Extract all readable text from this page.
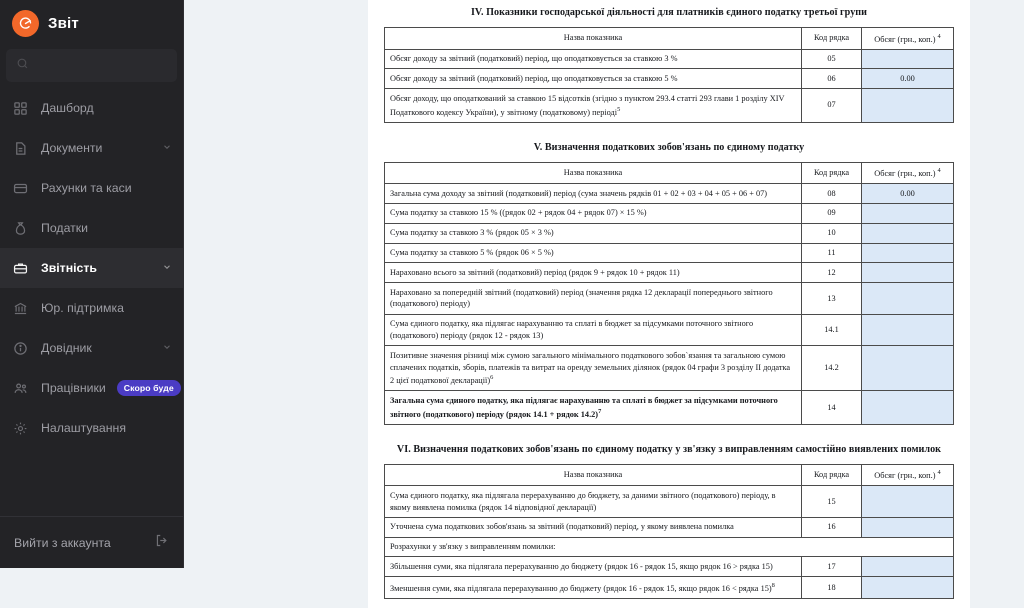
Звіт
Дашборд
Документи
Рахунки та каси
Податки
Звітність
Юр. підтримка
Довідник
Працівники	Скоро буде
Налаштування
Вийти з аккаунта
IV. Показники господарської діяльності для платників єдиного податку третьої групи
Назва показника	Код рядка	Обсяг (грн., коп.) $^4$
Обсяг доходу за звітний (податковий) період, що оподатковується за ставкою 3 %	05	
Обсяг доходу за звітний (податковий) період, що оподатковується за ставкою 5 %	06	0.00
Обсяг доходу, що оподаткований за ставкою 15 відсотків (згідно з пунктом 293.4 статті 293 глави 1 розділу XIV Податкового кодексу України), у звітному (податковому) періоді$^5$	07	
V. Визначення податкових зобов'язань по єдиному податку
Назва показника	Код рядка	Обсяг (грн., коп.) $^4$
Загальна сума доходу за звітний (податковий) період (сума значень рядків 01 + 02 + 03 + 04 + 05 + 06 + 07)	08	0.00
Сума податку за ставкою 15 % ((рядок 02 + рядок 04 + рядок 07) × 15 %)	09	
Сума податку за ставкою 3 % (рядок 05 × 3 %)	10	
Сума податку за ставкою 5 % (рядок 06 × 5 %)	11	
Нараховано всього за звітний (податковий) період (рядок 9 + рядок 10 + рядок 11)	12	
Нараховано за попередній звітний (податковий) період (значення рядка 12 декларації попереднього звітного (податкового) періоду)	13	
Сума єдиного податку, яка підлягає нарахуванню та сплаті в бюджет за підсумками поточного звітного (податкового) періоду (рядок 12 - рядок 13)	14.1	
Позитивне значення різниці між сумою загального мінімального податкового зобов`язання та загальною сумою сплачених податків, зборів, платежів та витрат на оренду земельних ділянок (рядок 04 графи 3 розділу II додатка 2 цієї податкової декларації)$^6$	14.2	
Загальна сума єдиного податку, яка підлягає нарахуванню та сплаті в бюджет за підсумками поточного звітного (податкового) періоду (рядок 14.1 + рядок 14.2)$^7$	14	
VI. Визначення податкових зобов'язань по єдиному податку у зв'язку з виправленням самостійно виявлених помилок
Назва показника	Код рядка	Обсяг (грн., коп.) $^4$
Сума єдиного податку, яка підлягала перерахуванню до бюджету, за даними звітного (податкового) періоду, в якому виявлена помилка (рядок 14 відповідної декларації)	15	
Уточнена сума податкових зобов'язань за звітний (податковий) період, у якому виявлена помилка	16	
Розрахунки у зв'язку з виправленням помилки:		
Збільшення суми, яка підлягала перерахуванню до бюджету (рядок 16 - рядок 15, якщо рядок 16 > рядка 15)	17	
Зменшення суми, яка підлягала перерахуванню до бюджету (рядок 16 - рядок 15, якщо рядок 16 < рядка 15)$^8$	18	
